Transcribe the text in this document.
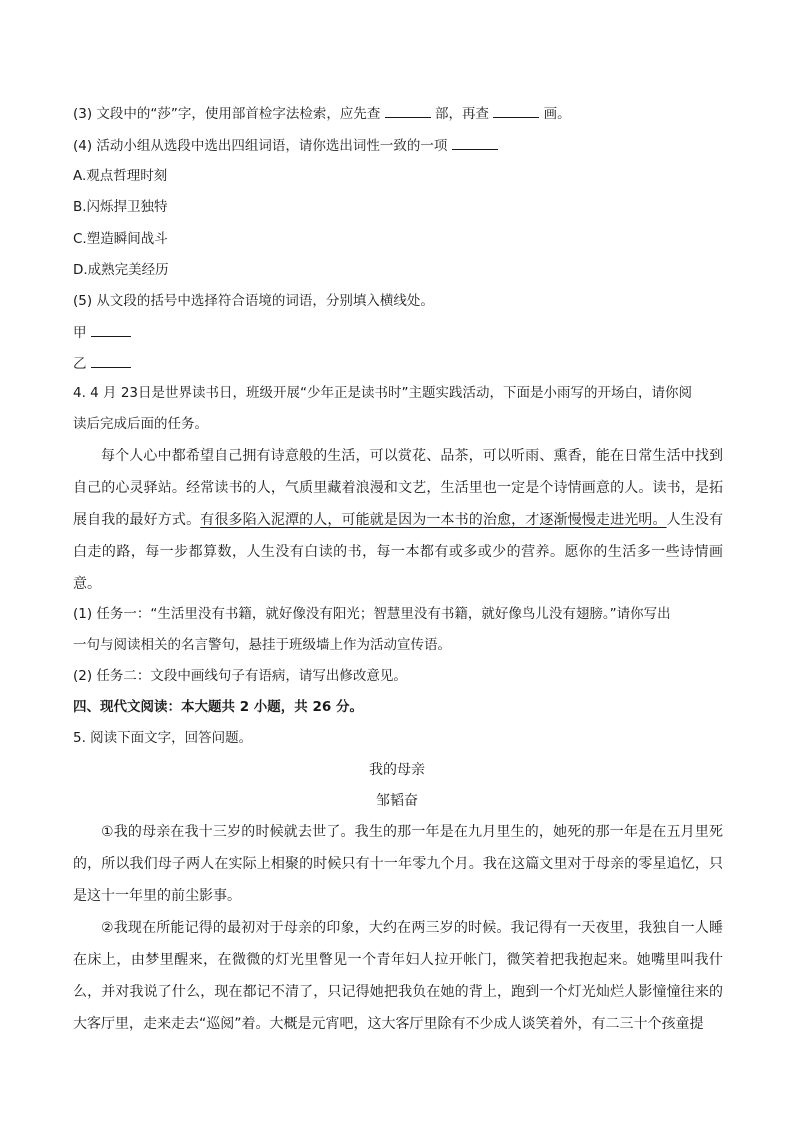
(3) 文段中的“莎”字，使用部首检字法检索，应先查	部，再查	画。
(4) 活动小组从选段中选出四组词语，请你选出词性一致的一项
A.观点哲理时刻
B.闪烁捍卫独特
C.塑造瞬间战斗
D.成熟完美经历
(5) 从文段的括号中选择符合语境的词语，分别填入横线处。
甲
乙
4. 4 月 23日是世界读书日，班级开展“少年正是读书时”主题实践活动，下面是小雨写的开场白，请你阅
读后完成后面的任务。

每个人心中都希望自己拥有诗意般的生活，可以赏花、品茶，可以听雨、熏香，能在日常生活中找到自己的心灵驿站。经常读书的人，气质里藏着浪漫和文艺，生活里也一定是个诗情画意的人。读书，是拓展自我的最好方式。有很多陷入泥潭的人，可能就是因为一本书的治愈，才逐渐慢慢走进光明。人生没有白走的路，每一步都算数，人生没有白读的书，每一本都有或多或少的营养。愿你的生活多一些诗情画意。

(1) 任务一：“生活里没有书籍，就好像没有阳光；智慧里没有书籍，就好像鸟儿没有翅膀。”请你写出
一句与阅读相关的名言警句，悬挂于班级墙上作为活动宣传语。
(2) 任务二：文段中画线句子有语病，请写出修改意见。
四、现代文阅读：本大题共 2 小题，共 26 分。
5. 阅读下面文字，回答问题。
我的母亲
邹韬奋

①我的母亲在我十三岁的时候就去世了。我生的那一年是在九月里生的，她死的那一年是在五月里死的，所以我们母子两人在实际上相聚的时候只有十一年零九个月。我在这篇文里对于母亲的零星追忆，只是这十一年里的前尘影事。

②我现在所能记得的最初对于母亲的印象，大约在两三岁的时候。我记得有一天夜里，我独自一人睡在床上，由梦里醒来，在微微的灯光里瞥见一个青年妇人拉开帐门，微笑着把我抱起来。她嘴里叫我什么，并对我说了什么，现在都记不清了，只记得她把我负在她的背上，跑到一个灯光灿烂人影憧憧往来的大客厅里，走来走去“巡阅”着。大概是元宵吧，这大客厅里除有不少成人谈笑着外，有二三十个孩童提
